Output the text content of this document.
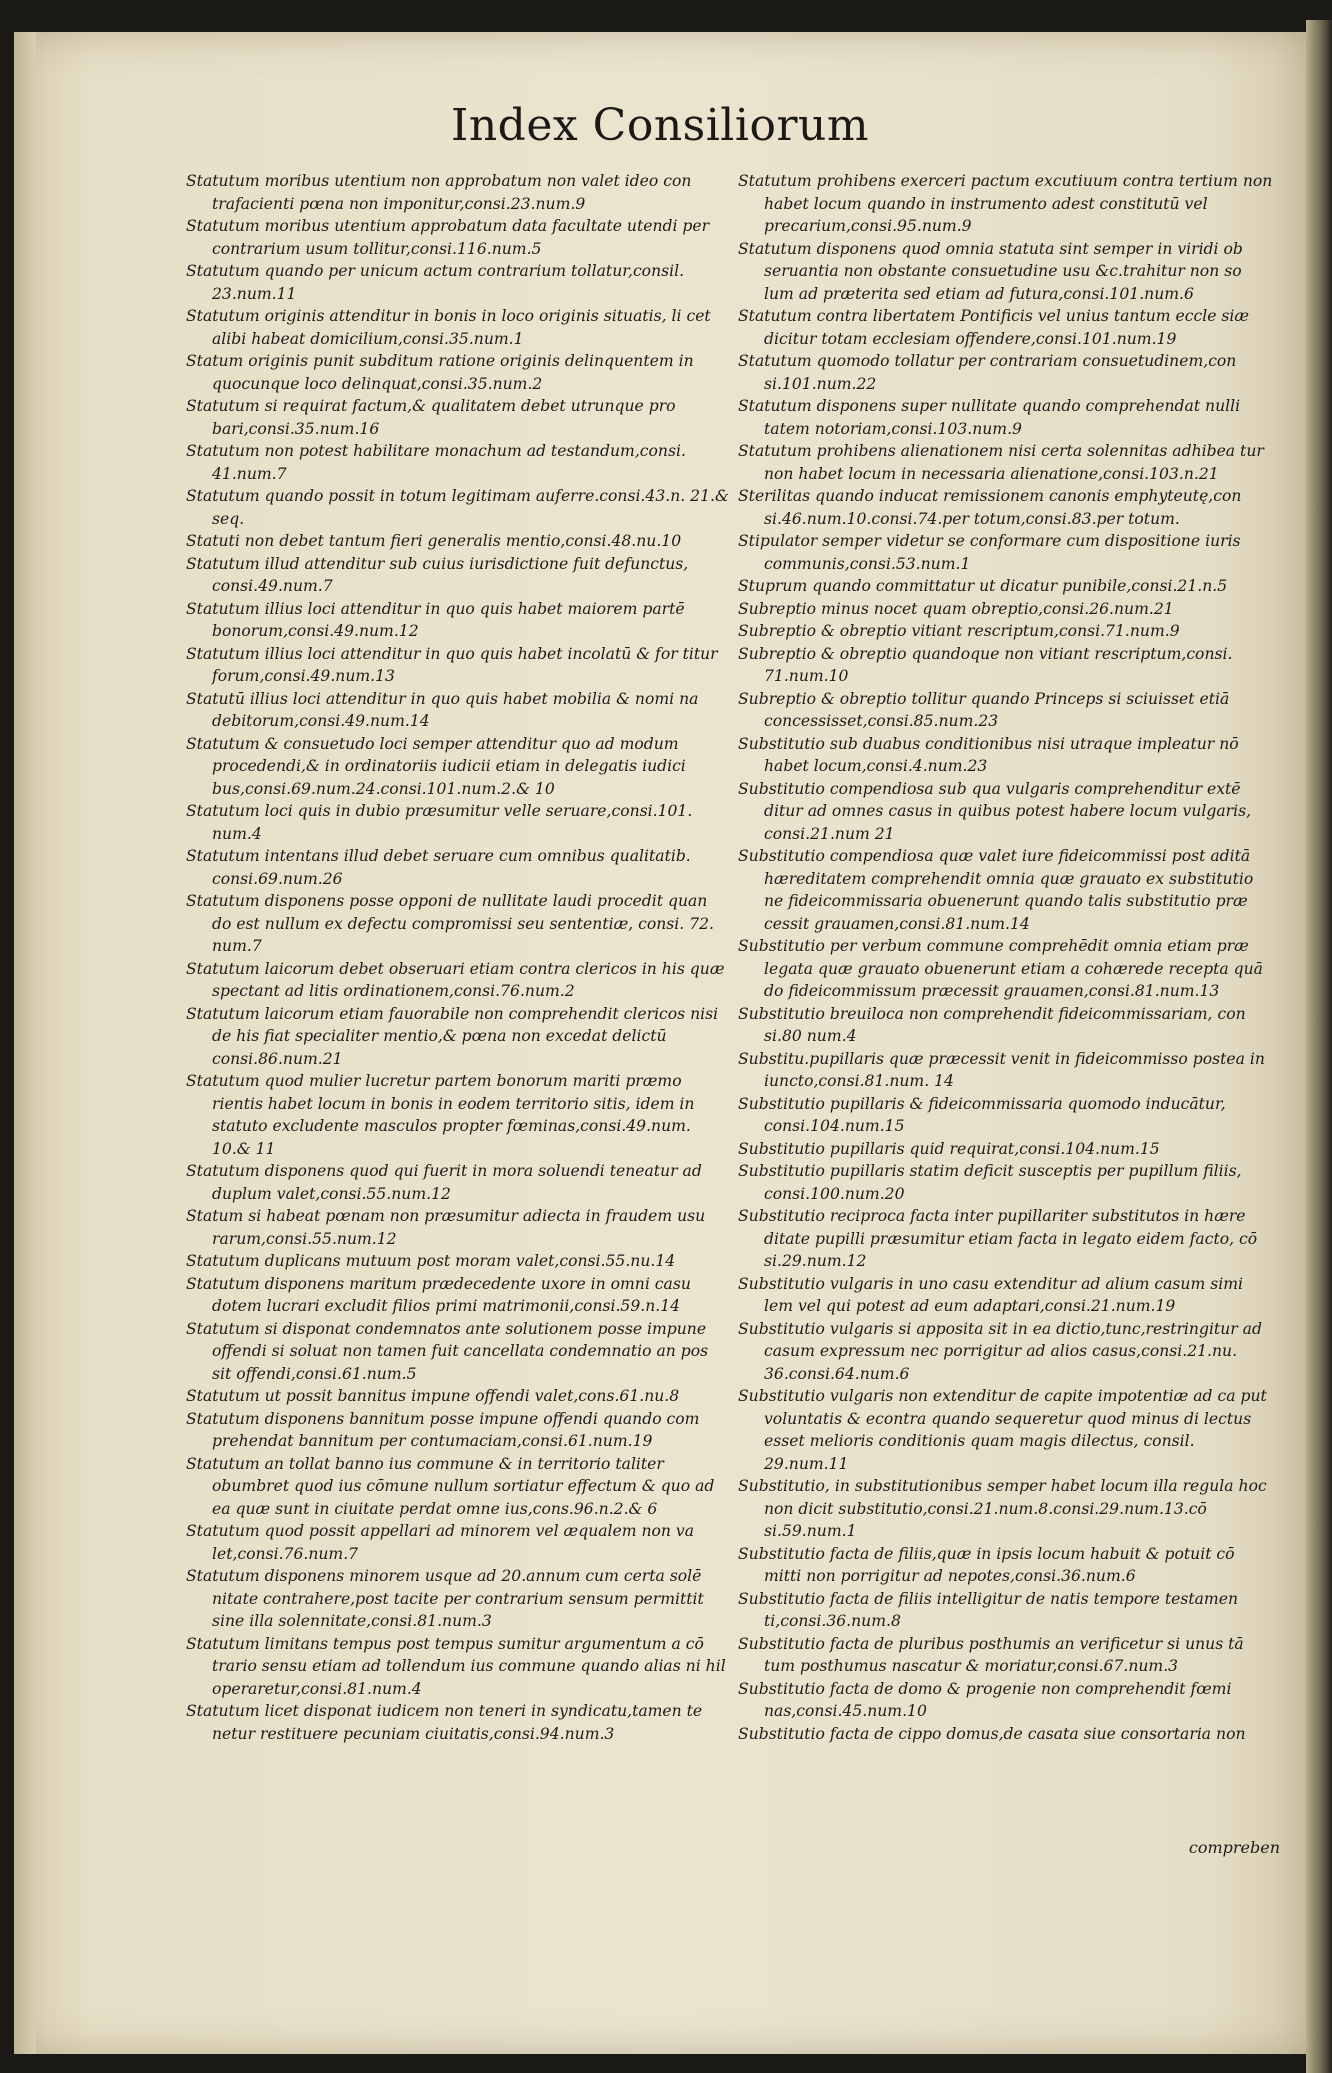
Index Consiliorum

Statutum moribus utentium non approbatum non valet ideo con trafacienti pœna non imponitur,consi.23.num.9

Statutum moribus utentium approbatum data facultate utendi per contrarium usum tollitur,consi.116.num.5

Statutum quando per unicum actum contrarium tollatur,consil. 23.num.11

Statutum originis attenditur in bonis in loco originis situatis, li cet alibi habeat domicilium,consi.35.num.1

Statum originis punit subditum ratione originis delinquentem in quocunque loco delinquat,consi.35.num.2

Statutum si requirat factum,& qualitatem debet utrunque pro bari,consi.35.num.16

Statutum non potest habilitare monachum ad testandum,consi. 41.num.7

Statutum quando possit in totum legitimam auferre.consi.43.n. 21.& seq.

Statuti non debet tantum fieri generalis mentio,consi.48.nu.10

Statutum illud attenditur sub cuius iurisdictione fuit defunctus, consi.49.num.7

Statutum illius loci attenditur in quo quis habet maiorem partē bonorum,consi.49.num.12

Statutum illius loci attenditur in quo quis habet incolatū & for titur forum,consi.49.num.13

Statutū illius loci attenditur in quo quis habet mobilia & nomi na debitorum,consi.49.num.14

Statutum & consuetudo loci semper attenditur quo ad modum procedendi,& in ordinatoriis iudicii etiam in delegatis iudici bus,consi.69.num.24.consi.101.num.2.& 10

Statutum loci quis in dubio præsumitur velle seruare,consi.101. num.4

Statutum intentans illud debet seruare cum omnibus qualitatib. consi.69.num.26

Statutum disponens posse opponi de nullitate laudi procedit quan do est nullum ex defectu compromissi seu sententiæ, consi. 72. num.7

Statutum laicorum debet obseruari etiam contra clericos in his quæ spectant ad litis ordinationem,consi.76.num.2

Statutum laicorum etiam fauorabile non comprehendit clericos nisi de his fiat specialiter mentio,& pœna non excedat delictū consi.86.num.21

Statutum quod mulier lucretur partem bonorum mariti præmo rientis habet locum in bonis in eodem territorio sitis, idem in statuto excludente masculos propter fœminas,consi.49.num. 10.& 11

Statutum disponens quod qui fuerit in mora soluendi teneatur ad duplum valet,consi.55.num.12

Statum si habeat pœnam non præsumitur adiecta in fraudem usu rarum,consi.55.num.12

Statutum duplicans mutuum post moram valet,consi.55.nu.14

Statutum disponens maritum prædecedente uxore in omni casu dotem lucrari excludit filios primi matrimonii,consi.59.n.14

Statutum si disponat condemnatos ante solutionem posse impune offendi si soluat non tamen fuit cancellata condemnatio an pos sit offendi,consi.61.num.5

Statutum ut possit bannitus impune offendi valet,cons.61.nu.8

Statutum disponens bannitum posse impune offendi quando com prehendat bannitum per contumaciam,consi.61.num.19

Statutum an tollat banno ius commune & in territorio taliter obumbret quod ius cōmune nullum sortiatur effectum & quo ad ea quæ sunt in ciuitate perdat omne ius,cons.96.n.2.& 6

Statutum quod possit appellari ad minorem vel æqualem non va let,consi.76.num.7

Statutum disponens minorem usque ad 20.annum cum certa solē nitate contrahere,post tacite per contrarium sensum permittit sine illa solennitate,consi.81.num.3

Statutum limitans tempus post tempus sumitur argumentum a cō trario sensu etiam ad tollendum ius commune quando alias ni hil operaretur,consi.81.num.4

Statutum licet disponat iudicem non teneri in syndicatu,tamen te netur restituere pecuniam ciuitatis,consi.94.num.3

Statutum prohibens exerceri pactum excutiuum contra tertium non habet locum quando in instrumento adest constitutū vel precarium,consi.95.num.9

Statutum disponens quod omnia statuta sint semper in viridi ob seruantia non obstante consuetudine usu &c.trahitur non so lum ad præterita sed etiam ad futura,consi.101.num.6

Statutum contra libertatem Pontificis vel unius tantum eccle siæ dicitur totam ecclesiam offendere,consi.101.num.19

Statutum quomodo tollatur per contrariam consuetudinem,con si.101.num.22

Statutum disponens super nullitate quando comprehendat nulli tatem notoriam,consi.103.num.9

Statutum prohibens alienationem nisi certa solennitas adhibea tur non habet locum in necessaria alienatione,consi.103.n.21

Sterilitas quando inducat remissionem canonis emphyteutę,con si.46.num.10.consi.74.per totum,consi.83.per totum.

Stipulator semper videtur se conformare cum dispositione iuris communis,consi.53.num.1

Stuprum quando committatur ut dicatur punibile,consi.21.n.5

Subreptio minus nocet quam obreptio,consi.26.num.21

Subreptio & obreptio vitiant rescriptum,consi.71.num.9

Subreptio & obreptio quandoque non vitiant rescriptum,consi. 71.num.10

Subreptio & obreptio tollitur quando Princeps si sciuisset etiā concessisset,consi.85.num.23

Substitutio sub duabus conditionibus nisi utraque impleatur nō habet locum,consi.4.num.23

Substitutio compendiosa sub qua vulgaris comprehenditur extē ditur ad omnes casus in quibus potest habere locum vulgaris, consi.21.num 21

Substitutio compendiosa quæ valet iure fideicommissi post aditā hæreditatem comprehendit omnia quæ grauato ex substitutio ne fideicommissaria obuenerunt quando talis substitutio præ cessit grauamen,consi.81.num.14

Substitutio per verbum commune comprehēdit omnia etiam præ legata quæ grauato obuenerunt etiam a cohærede recepta quā do fideicommissum præcessit grauamen,consi.81.num.13

Substitutio breuiloca non comprehendit fideicommissariam, con si.80 num.4

Substitu.pupillaris quæ præcessit venit in fideicommisso postea in iuncto,consi.81.num. 14

Substitutio pupillaris & fideicommissaria quomodo inducātur, consi.104.num.15

Substitutio pupillaris quid requirat,consi.104.num.15

Substitutio pupillaris statim deficit susceptis per pupillum filiis, consi.100.num.20

Substitutio reciproca facta inter pupillariter substitutos in hære ditate pupilli præsumitur etiam facta in legato eidem facto, cō si.29.num.12

Substitutio vulgaris in uno casu extenditur ad alium casum simi lem vel qui potest ad eum adaptari,consi.21.num.19

Substitutio vulgaris si apposita sit in ea dictio,tunc,restringitur ad casum expressum nec porrigitur ad alios casus,consi.21.nu. 36.consi.64.num.6

Substitutio vulgaris non extenditur de capite impotentiæ ad ca put voluntatis & econtra quando sequeretur quod minus di lectus esset melioris conditionis quam magis dilectus, consil. 29.num.11

Substitutio, in substitutionibus semper habet locum illa regula hoc non dicit substitutio,consi.21.num.8.consi.29.num.13.cō si.59.num.1

Substitutio facta de filiis,quæ in ipsis locum habuit & potuit cō mitti non porrigitur ad nepotes,consi.36.num.6

Substitutio facta de filiis intelligitur de natis tempore testamen ti,consi.36.num.8

Substitutio facta de pluribus posthumis an verificetur si unus tā tum posthumus nascatur & moriatur,consi.67.num.3

Substitutio facta de domo & progenie non comprehendit fœmi nas,consi.45.num.10

Substitutio facta de cippo domus,de casata siue consortaria non

compreben
